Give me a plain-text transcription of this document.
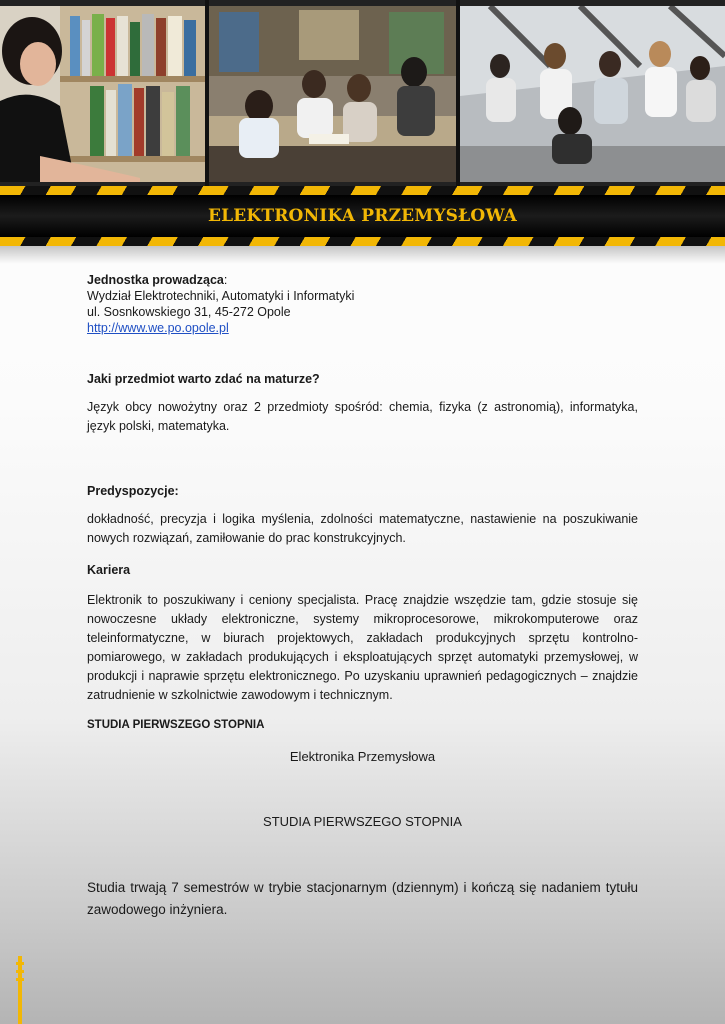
ELEKTRONIKA PRZEMYSŁOWA
Jednostka prowadząca:
Wydział Elektrotechniki, Automatyki i Informatyki
ul. Sosnkowskiego 31, 45-272 Opole
http://www.we.po.opole.pl
Jaki przedmiot warto zdać na maturze?
Język obcy nowożytny oraz 2 przedmioty spośród: chemia, fizyka (z astronomią), informatyka, język polski, matematyka.
Predyspozycje:
dokładność, precyzja i logika myślenia, zdolności matematyczne, nastawienie na poszukiwanie nowych rozwiązań, zamiłowanie do prac konstrukcyjnych.
Kariera
Elektronik to poszukiwany i ceniony specjalista. Pracę znajdzie wszędzie tam, gdzie stosuje się nowoczesne układy elektroniczne, systemy mikroprocesorowe, mikrokomputerowe oraz teleinformatyczne, w biurach projektowych, zakładach produkcyjnych sprzętu kontrolno-pomiarowego, w zakładach produkujących i eksploatujących sprzęt automatyki przemysłowej, w produkcji i naprawie sprzętu elektronicznego. Po uzyskaniu uprawnień pedagogicznych – znajdzie zatrudnienie w szkolnictwie zawodowym i technicznym.
STUDIA PIERWSZEGO STOPNIA
Elektronika Przemysłowa
STUDIA PIERWSZEGO STOPNIA
Studia trwają 7 semestrów w trybie stacjonarnym (dziennym) i kończą się nadaniem tytułu zawodowego inżyniera.
